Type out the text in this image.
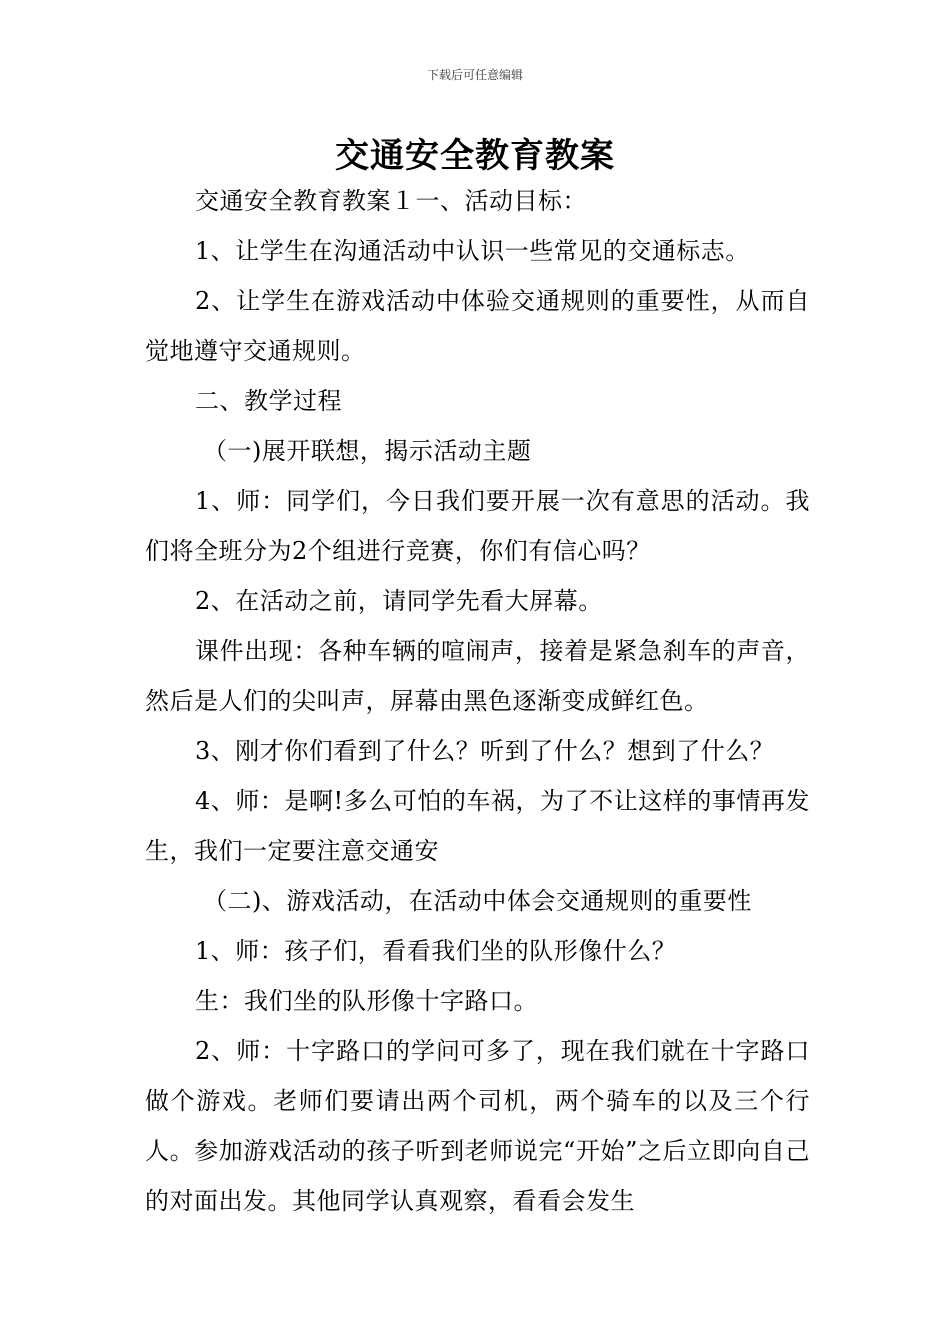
下载后可任意编辑
交通安全教育教案

交通安全教育教案１一、活动目标：

1、让学生在沟通活动中认识一些常见的交通标志。

2、让学生在游戏活动中体验交通规则的重要性，从而自觉地遵守交通规则。

二、教学过程

（一)展开联想，揭示活动主题

1、师：同学们，今日我们要开展一次有意思的活动。我们将全班分为2个组进行竞赛，你们有信心吗？

2、在活动之前，请同学先看大屏幕。

课件出现：各种车辆的喧闹声，接着是紧急刹车的声音，然后是人们的尖叫声，屏幕由黑色逐渐变成鲜红色。

3、刚才你们看到了什么？听到了什么？想到了什么？

4、师：是啊!多么可怕的车祸，为了不让这样的事情再发生，我们一定要注意交通安

（二)、游戏活动，在活动中体会交通规则的重要性

1、师：孩子们，看看我们坐的队形像什么？

生：我们坐的队形像十字路口。

2、师：十字路口的学问可多了，现在我们就在十字路口做个游戏。老师们要请出两个司机，两个骑车的以及三个行人。参加游戏活动的孩子听到老师说完“开始”之后立即向自己的对面出发。其他同学认真观察，看看会发生
